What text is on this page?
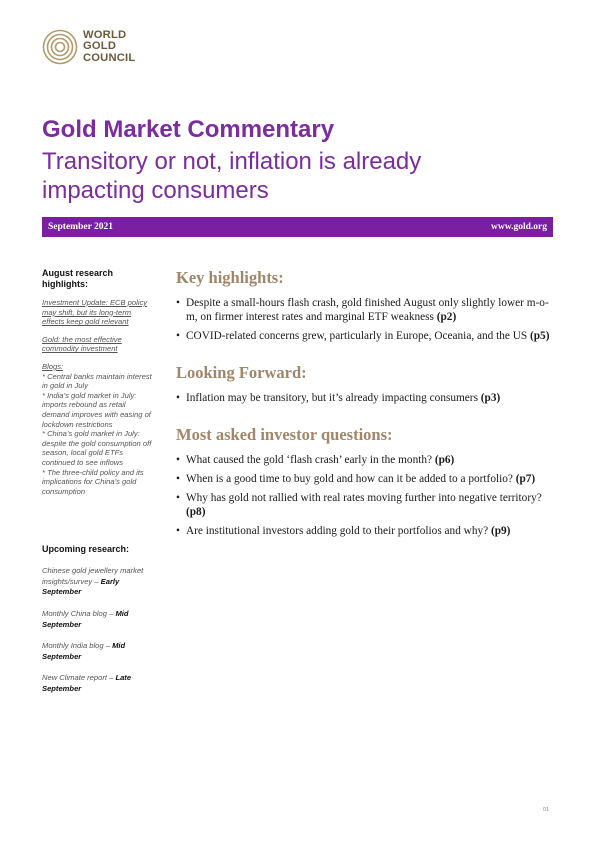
WORLD
GOLD
COUNCIL
Gold Market Commentary
Transitory or not, inflation is already
impacting consumers
September 2021	www.gold.org
August research highlights:
Investment Update: ECB policy may shift, but its long-term effects keep gold relevant
Gold: the most effective commodity investment
Blogs:
* Central banks maintain interest in gold in July
* India’s gold market in July: imports rebound as retail demand improves with easing of lockdown restrictions
* China’s gold market in July: despite the gold consumption off season, local gold ETFs continued to see inflows
* The three-child policy and its implications for China’s gold consumption
Upcoming research:
Chinese gold jewellery market insights/survey – Early September
Monthly China blog – Mid September
Monthly India blog – Mid September
New Climate report – Late September
Key highlights:
• Despite a small-hours flash crash, gold finished August only slightly lower m-o-m, on firmer interest rates and marginal ETF weakness (p2)
• COVID-related concerns grew, particularly in Europe, Oceania, and the US (p5)
Looking Forward:
• Inflation may be transitory, but it’s already impacting consumers (p3)
Most asked investor questions:
• What caused the gold ‘flash crash’ early in the month? (p6)
• When is a good time to buy gold and how can it be added to a portfolio? (p7)
• Why has gold not rallied with real rates moving further into negative territory? (p8)
• Are institutional investors adding gold to their portfolios and why? (p9)
01
